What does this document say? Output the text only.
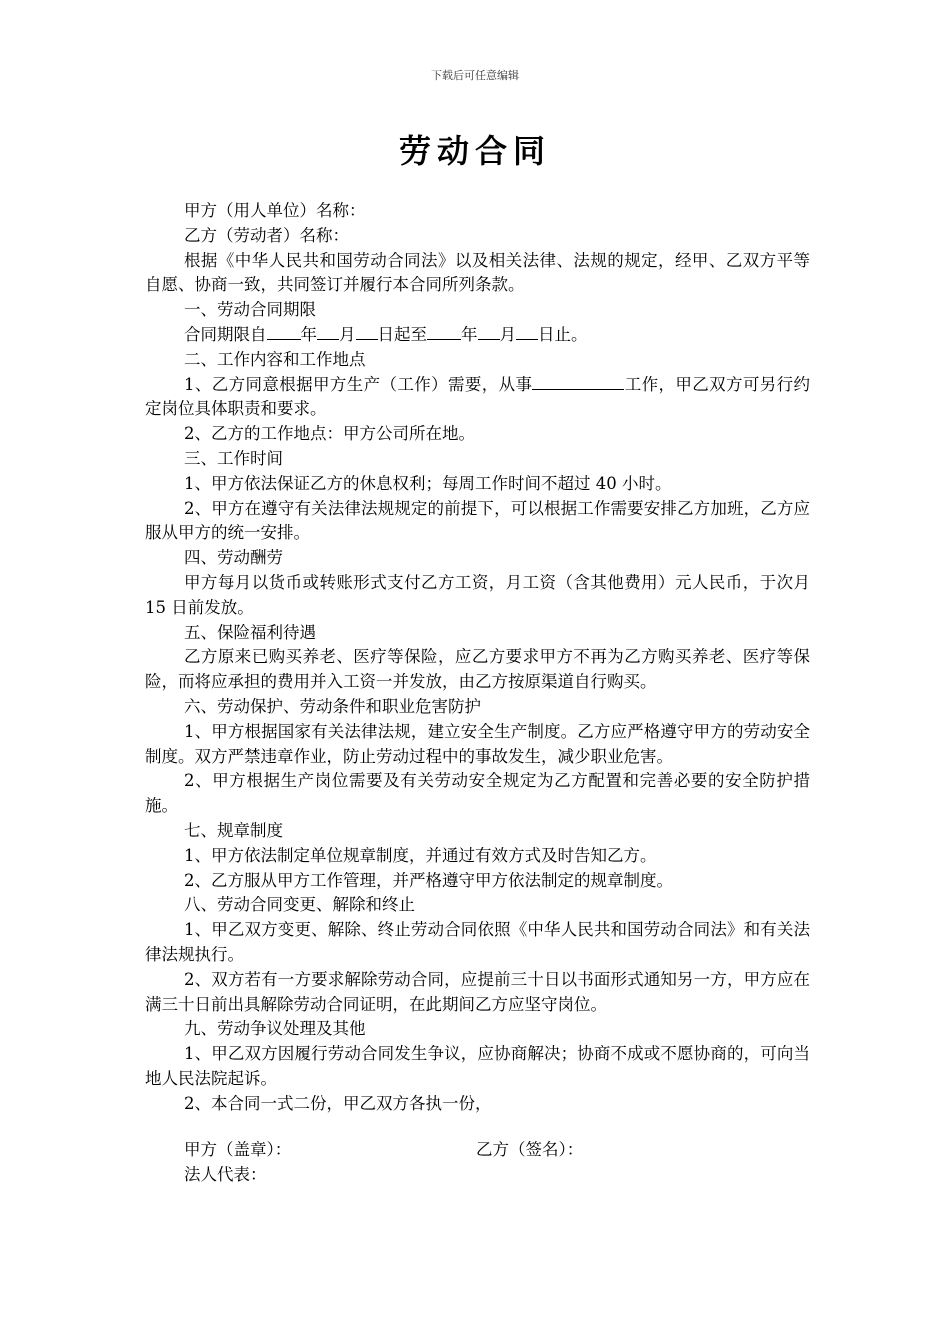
下载后可任意编辑
劳动合同

甲方（用人单位）名称：

乙方（劳动者）名称：

根据《中华人民共和国劳动合同法》以及相关法律、法规的规定，经甲、乙双方平等自愿、协商一致，共同签订并履行本合同所列条款。

一、劳动合同期限

合同期限自 年 月 日起至 年 月 日止。

二、工作内容和工作地点

1、乙方同意根据甲方生产（工作）需要，从事	工作，甲乙双方可另行约定岗位具体职责和要求。

2、乙方的工作地点：甲方公司所在地。

三、工作时间

1、甲方依法保证乙方的休息权利；每周工作时间不超过 40 小时。

2、甲方在遵守有关法律法规规定的前提下，可以根据工作需要安排乙方加班，乙方应服从甲方的统一安排。

四、劳动酬劳

甲方每月以货币或转账形式支付乙方工资，月工资（含其他费用）元人民币，于次月 15 日前发放。

五、保险福利待遇

乙方原来已购买养老、医疗等保险，应乙方要求甲方不再为乙方购买养老、医疗等保险，而将应承担的费用并入工资一并发放，由乙方按原渠道自行购买。

六、劳动保护、劳动条件和职业危害防护

1、甲方根据国家有关法律法规，建立安全生产制度。乙方应严格遵守甲方的劳动安全制度。双方严禁违章作业，防止劳动过程中的事故发生，减少职业危害。

2、甲方根据生产岗位需要及有关劳动安全规定为乙方配置和完善必要的安全防护措施。

七、规章制度

1、甲方依法制定单位规章制度，并通过有效方式及时告知乙方。

2、乙方服从甲方工作管理，并严格遵守甲方依法制定的规章制度。

八、劳动合同变更、解除和终止

1、甲乙双方变更、解除、终止劳动合同依照《中华人民共和国劳动合同法》和有关法律法规执行。

2、双方若有一方要求解除劳动合同，应提前三十日以书面形式通知另一方，甲方应在满三十日前出具解除劳动合同证明，在此期间乙方应坚守岗位。

九、劳动争议处理及其他

1、甲乙双方因履行劳动合同发生争议，应协商解决；协商不成或不愿协商的，可向当地人民法院起诉。

2、本合同一式二份，甲乙双方各执一份，

甲方（盖章）：	乙方（签名）：

法人代表：
